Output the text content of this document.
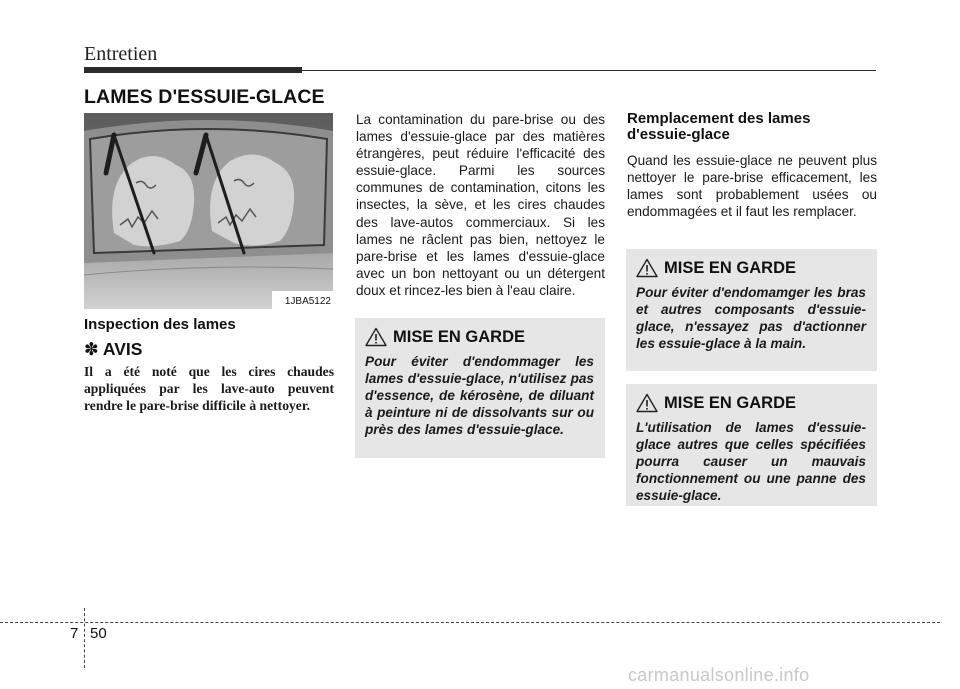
Entretien
LAMES D'ESSUIE-GLACE
1JBA5122
Inspection des lames
✽ AVIS

Il a été noté que les cires chaudes appliquées par les lave-auto peuvent rendre le pare-brise difficile à nettoyer.

La contamination du pare-brise ou des lames d'essuie-glace par des matières étrangères, peut réduire l'efficacité des essuie-glace. Parmi les sources communes de contamination, citons les insectes, la sève, et les cires chaudes des lave-autos commerciaux. Si les lames ne râclent pas bien, nettoyez le pare-brise et les lames d'essuie-glace avec un bon nettoyant ou un détergent doux et rincez-les bien à l'eau claire.

MISE EN GARDE

Pour éviter d'endommager les lames d'essuie-glace, n'utilisez pas d'essence, de kérosène, de diluant à peinture ni de dissolvants sur ou près des lames d'essuie-glace.

Remplacement des lames d'essuie-glace

Quand les essuie-glace ne peuvent plus nettoyer le pare-brise efficacement, les lames sont probablement usées ou endommagées et il faut les remplacer.

MISE EN GARDE

Pour éviter d'endomamger les bras et autres composants d'essuie-glace, n'essayez pas d'actionner les essuie-glace à la main.

MISE EN GARDE

L'utilisation de lames d'essuie-glace autres que celles spécifiées pourra causer un mauvais fonctionnement ou une panne des essuie-glace.

7 50
carmanualsonline.info
